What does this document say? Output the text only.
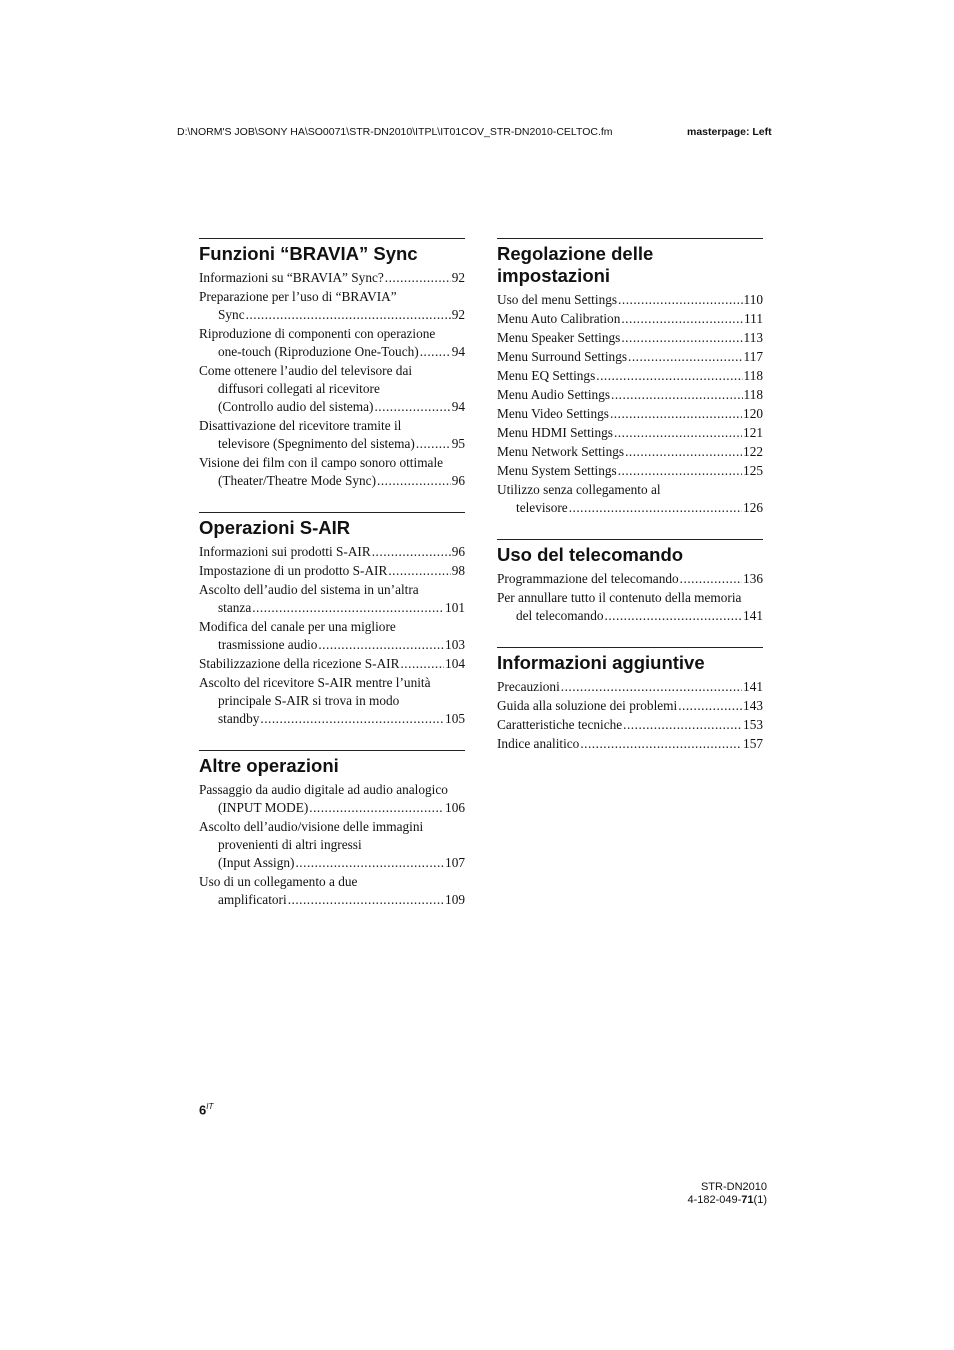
D:\NORM'S JOB\SONY HA\SO0071\STR-DN2010\ITPL\IT01COV_STR-DN2010-CELTOC.fm	masterpage: Left
Funzioni “BRAVIA” Sync
Informazioni su “BRAVIA” Sync? .....	92
Preparazione per l’uso di “BRAVIA”
Sync .....	92
Riproduzione di componenti con operazione
one-touch (Riproduzione One-Touch) ..... 94
Come ottenere l’audio del televisore dai
diffusori collegati al ricevitore
(Controllo audio del sistema) .....	94
Disattivazione del ricevitore tramite il
televisore (Spegnimento del sistema) .....	95
Visione dei film con il campo sonoro ottimale
(Theater/Theatre Mode Sync) .....	96
Operazioni S-AIR
Informazioni sui prodotti S-AIR .....	96
Impostazione di un prodotto S-AIR .....	98
Ascolto dell’audio del sistema in un’altra
stanza .....	101
Modifica del canale per una migliore
trasmissione audio .....	103
Stabilizzazione della ricezione S-AIR .....	104
Ascolto del ricevitore S-AIR mentre l’unità
principale S-AIR si trova in modo
standby .....	105
Altre operazioni
Passaggio da audio digitale ad audio analogico
(INPUT MODE) .....	106
Ascolto dell’audio/visione delle immagini
provenienti di altri ingressi
(Input Assign) .....	107
Uso di un collegamento a due
amplificatori .....	109
Regolazione delle impostazioni
Uso del menu Settings .....	110
Menu Auto Calibration .....	111
Menu Speaker Settings .....	113
Menu Surround Settings .....	117
Menu EQ Settings .....	118
Menu Audio Settings .....	118
Menu Video Settings .....	120
Menu HDMI Settings .....	121
Menu Network Settings .....	122
Menu System Settings .....	125
Utilizzo senza collegamento al
televisore .....	126
Uso del telecomando
Programmazione del telecomando .....	136
Per annullare tutto il contenuto della memoria
del telecomando .....	141
Informazioni aggiuntive
Precauzioni .....	141
Guida alla soluzione dei problemi .....	143
Caratteristiche tecniche .....	153
Indice analitico .....	157
$6^{IT}$
STR-DN2010
4-182-049-71(1)
